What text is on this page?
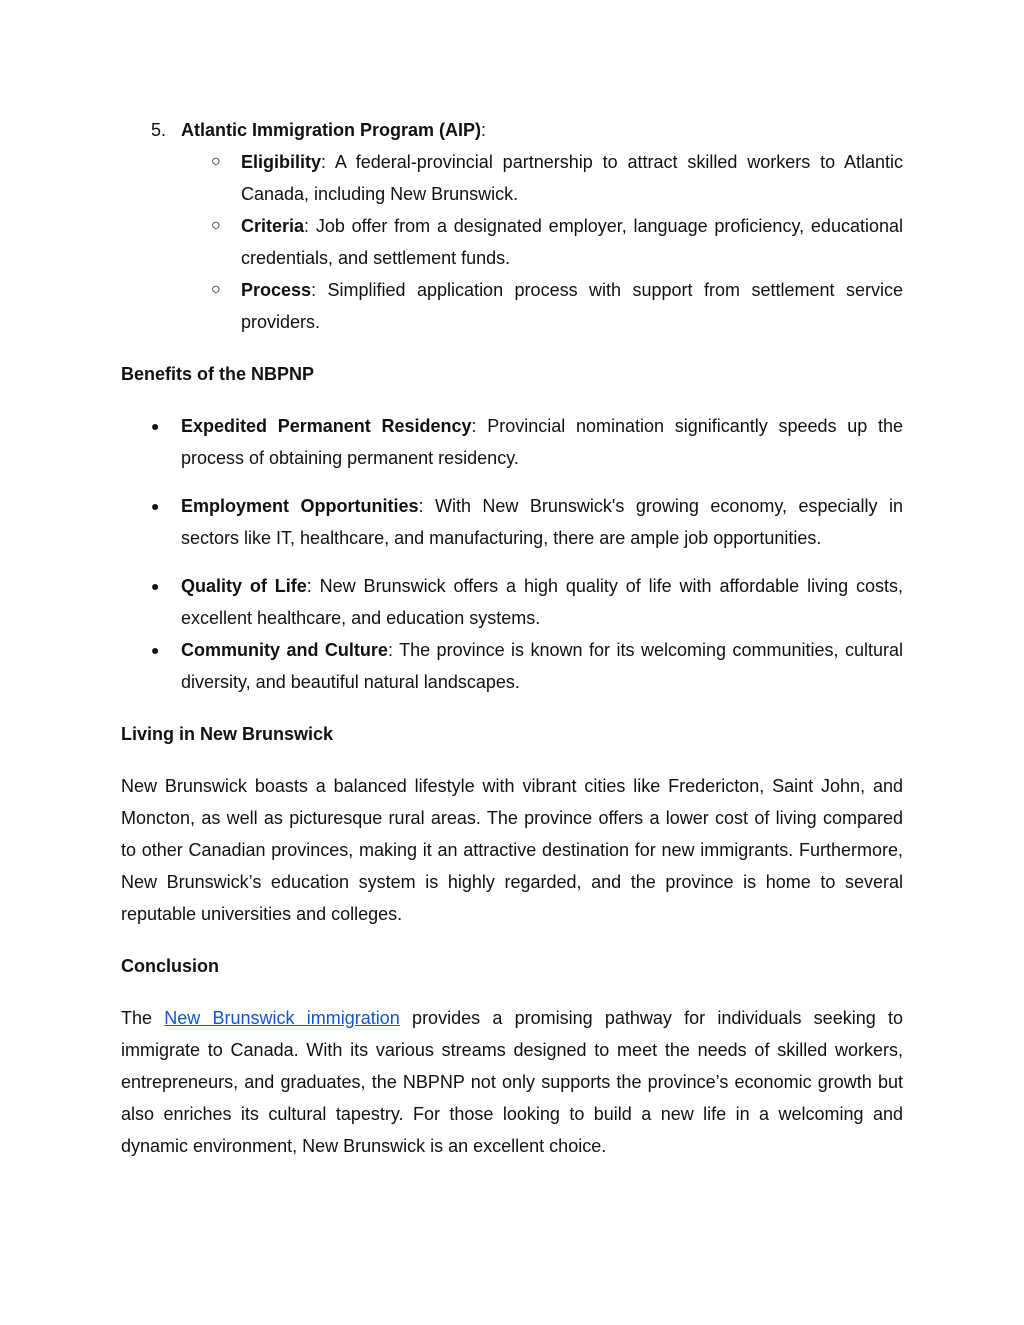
5. Atlantic Immigration Program (AIP):
○ Eligibility: A federal-provincial partnership to attract skilled workers to Atlantic Canada, including New Brunswick.
○ Criteria: Job offer from a designated employer, language proficiency, educational credentials, and settlement funds.
○ Process: Simplified application process with support from settlement service providers.

Benefits of the NBPNP

● Expedited Permanent Residency: Provincial nomination significantly speeds up the process of obtaining permanent residency.
● Employment Opportunities: With New Brunswick's growing economy, especially in sectors like IT, healthcare, and manufacturing, there are ample job opportunities.
● Quality of Life: New Brunswick offers a high quality of life with affordable living costs, excellent healthcare, and education systems.
● Community and Culture: The province is known for its welcoming communities, cultural diversity, and beautiful natural landscapes.

Living in New Brunswick

New Brunswick boasts a balanced lifestyle with vibrant cities like Fredericton, Saint John, and Moncton, as well as picturesque rural areas. The province offers a lower cost of living compared to other Canadian provinces, making it an attractive destination for new immigrants. Furthermore, New Brunswick’s education system is highly regarded, and the province is home to several reputable universities and colleges.

Conclusion

The New Brunswick immigration provides a promising pathway for individuals seeking to immigrate to Canada. With its various streams designed to meet the needs of skilled workers, entrepreneurs, and graduates, the NBPNP not only supports the province’s economic growth but also enriches its cultural tapestry. For those looking to build a new life in a welcoming and dynamic environment, New Brunswick is an excellent choice.
